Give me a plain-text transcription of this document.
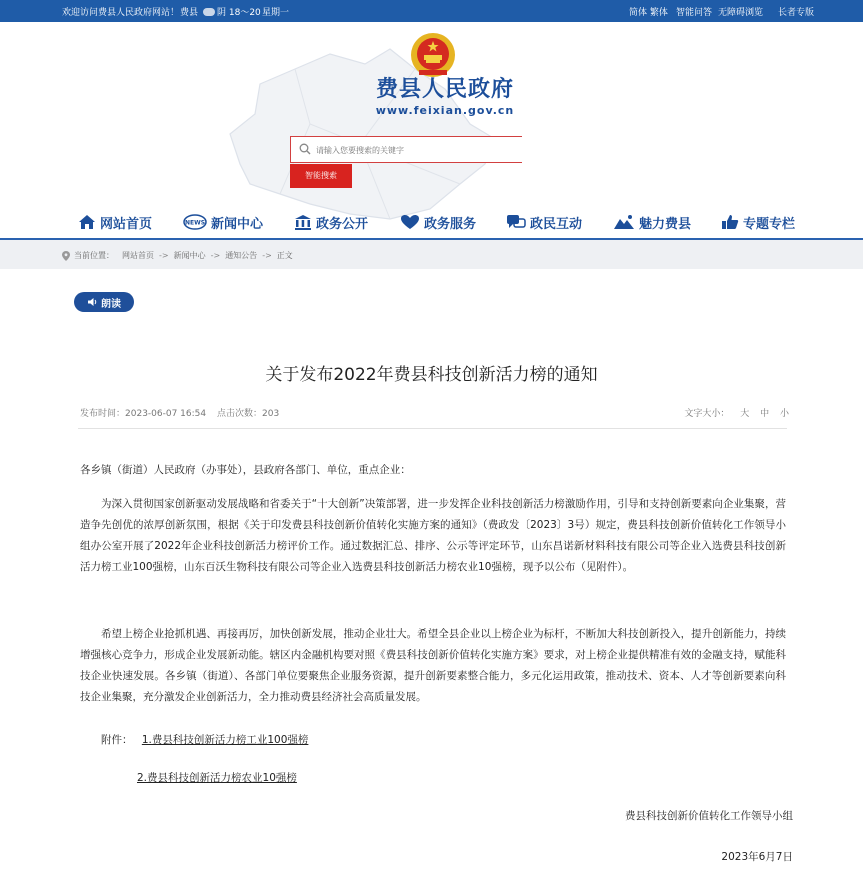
欢迎访问费县人民政府网站！ 费县	阴 18～20 星期一	简体 繁体 智能问答 无障碍浏览 长者专版
费县人民政府
www.feixian.gov.cn
请输入您要搜索的关键字
智能搜索
网站首页	NEWS 新闻中心	政务公开	政务服务	政民互动	魅力费县	专题专栏
当前位置： 网站首页 -> 新闻中心 -> 通知公告 -> 正文
朗读
关于发布2022年费县科技创新活力榜的通知
发布时间：2023-06-07 16:54 点击次数：203	文字大小： 大 中 小
各乡镇（街道）人民政府（办事处），县政府各部门、单位，重点企业：
为深入贯彻国家创新驱动发展战略和省委关于“十大创新”决策部署，进一步发挥企业科技创新活力榜激励作用，引导和支持创新要素向企业集聚，营造争先创优的浓厚创新氛围，根据《关于印发费县科技创新价值转化实施方案的通知》（费政发〔2023〕3号）规定，费县科技创新价值转化工作领导小组办公室开展了2022年企业科技创新活力榜评价工作。通过数据汇总、排序、公示等评定环节，山东昌诺新材料科技有限公司等企业入选费县科技创新活力榜工业100强榜，山东百沃生物科技有限公司等企业入选费县科技创新活力榜农业10强榜，现予以公布（见附件）。
希望上榜企业抢抓机遇、再接再厉，加快创新发展，推动企业壮大。希望全县企业以上榜企业为标杆，不断加大科技创新投入，提升创新能力，持续增强核心竞争力，形成企业发展新动能。辖区内金融机构要对照《费县科技创新价值转化实施方案》要求，对上榜企业提供精准有效的金融支持，赋能科技企业快速发展。各乡镇（街道）、各部门单位要聚焦企业服务资源，提升创新要素整合能力，多元化运用政策，推动技术、资本、人才等创新要素向科技企业集聚，充分激发企业创新活力，全力推动费县经济社会高质量发展。
附件： 1.费县科技创新活力榜工业100强榜
2.费县科技创新活力榜农业10强榜
费县科技创新价值转化工作领导小组
2023年6月7日
